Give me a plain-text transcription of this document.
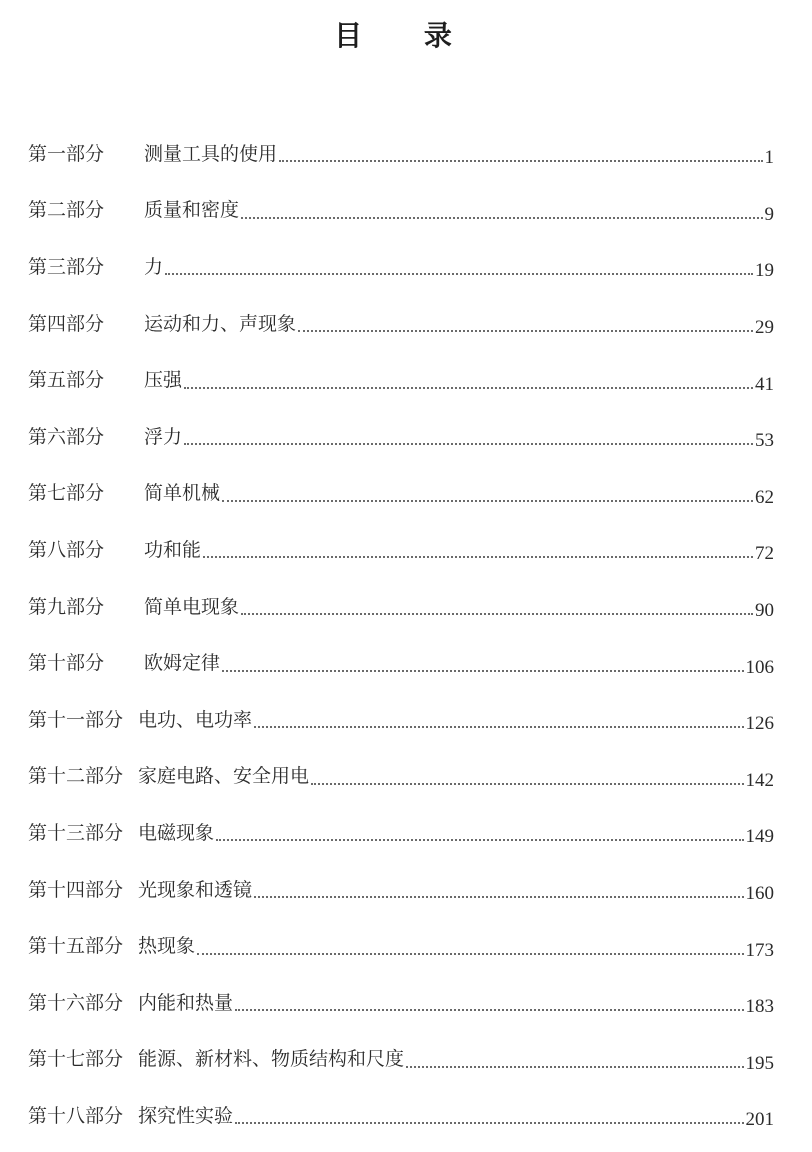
目 录
第一部分	测量工具的使用	1
第二部分	质量和密度	9
第三部分	力	19
第四部分	运动和力、声现象	29
第五部分	压强	41
第六部分	浮力	53
第七部分	简单机械	62
第八部分	功和能	72
第九部分	简单电现象	90
第十部分	欧姆定律	106
第十一部分 电功、电功率	126
第十二部分 家庭电路、安全用电	142
第十三部分 电磁现象	149
第十四部分 光现象和透镜	160
第十五部分 热现象	173
第十六部分 内能和热量	183
第十七部分 能源、新材料、物质结构和尺度	195
第十八部分 探究性实验	201
